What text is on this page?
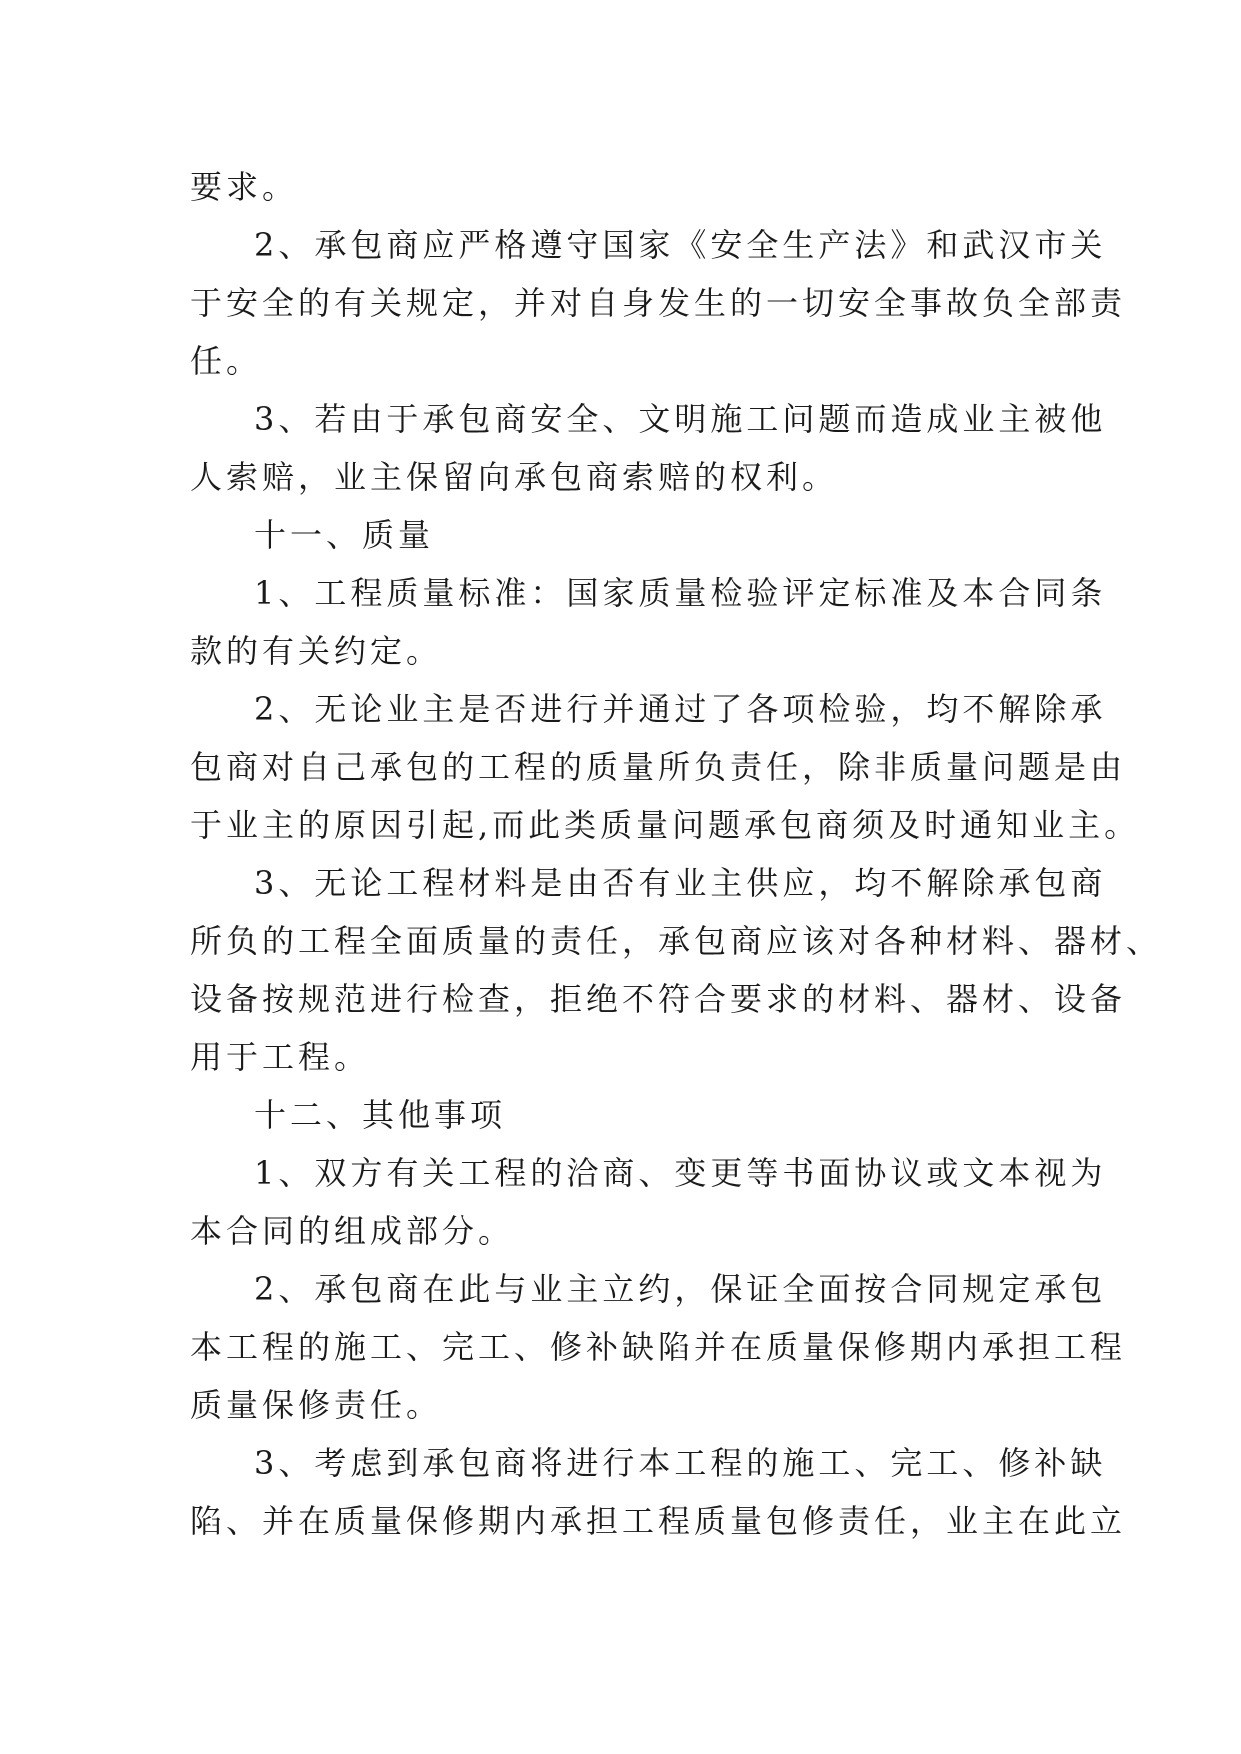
要求。

2、承包商应严格遵守国家《安全生产法》和武汉市关

于安全的有关规定，并对自身发生的一切安全事故负全部责

任。

3、若由于承包商安全、文明施工问题而造成业主被他

人索赔，业主保留向承包商索赔的权利。

十一、质量

1、工程质量标准：国家质量检验评定标准及本合同条

款的有关约定。

2、无论业主是否进行并通过了各项检验，均不解除承

包商对自己承包的工程的质量所负责任，除非质量问题是由

于业主的原因引起,而此类质量问题承包商须及时通知业主。

3、无论工程材料是由否有业主供应，均不解除承包商

所负的工程全面质量的责任，承包商应该对各种材料、器材、

设备按规范进行检查，拒绝不符合要求的材料、器材、设备

用于工程。

十二、其他事项

1、双方有关工程的洽商、变更等书面协议或文本视为

本合同的组成部分。

2、承包商在此与业主立约，保证全面按合同规定承包

本工程的施工、完工、修补缺陷并在质量保修期内承担工程

质量保修责任。

3、考虑到承包商将进行本工程的施工、完工、修补缺

陷、并在质量保修期内承担工程质量包修责任，业主在此立
